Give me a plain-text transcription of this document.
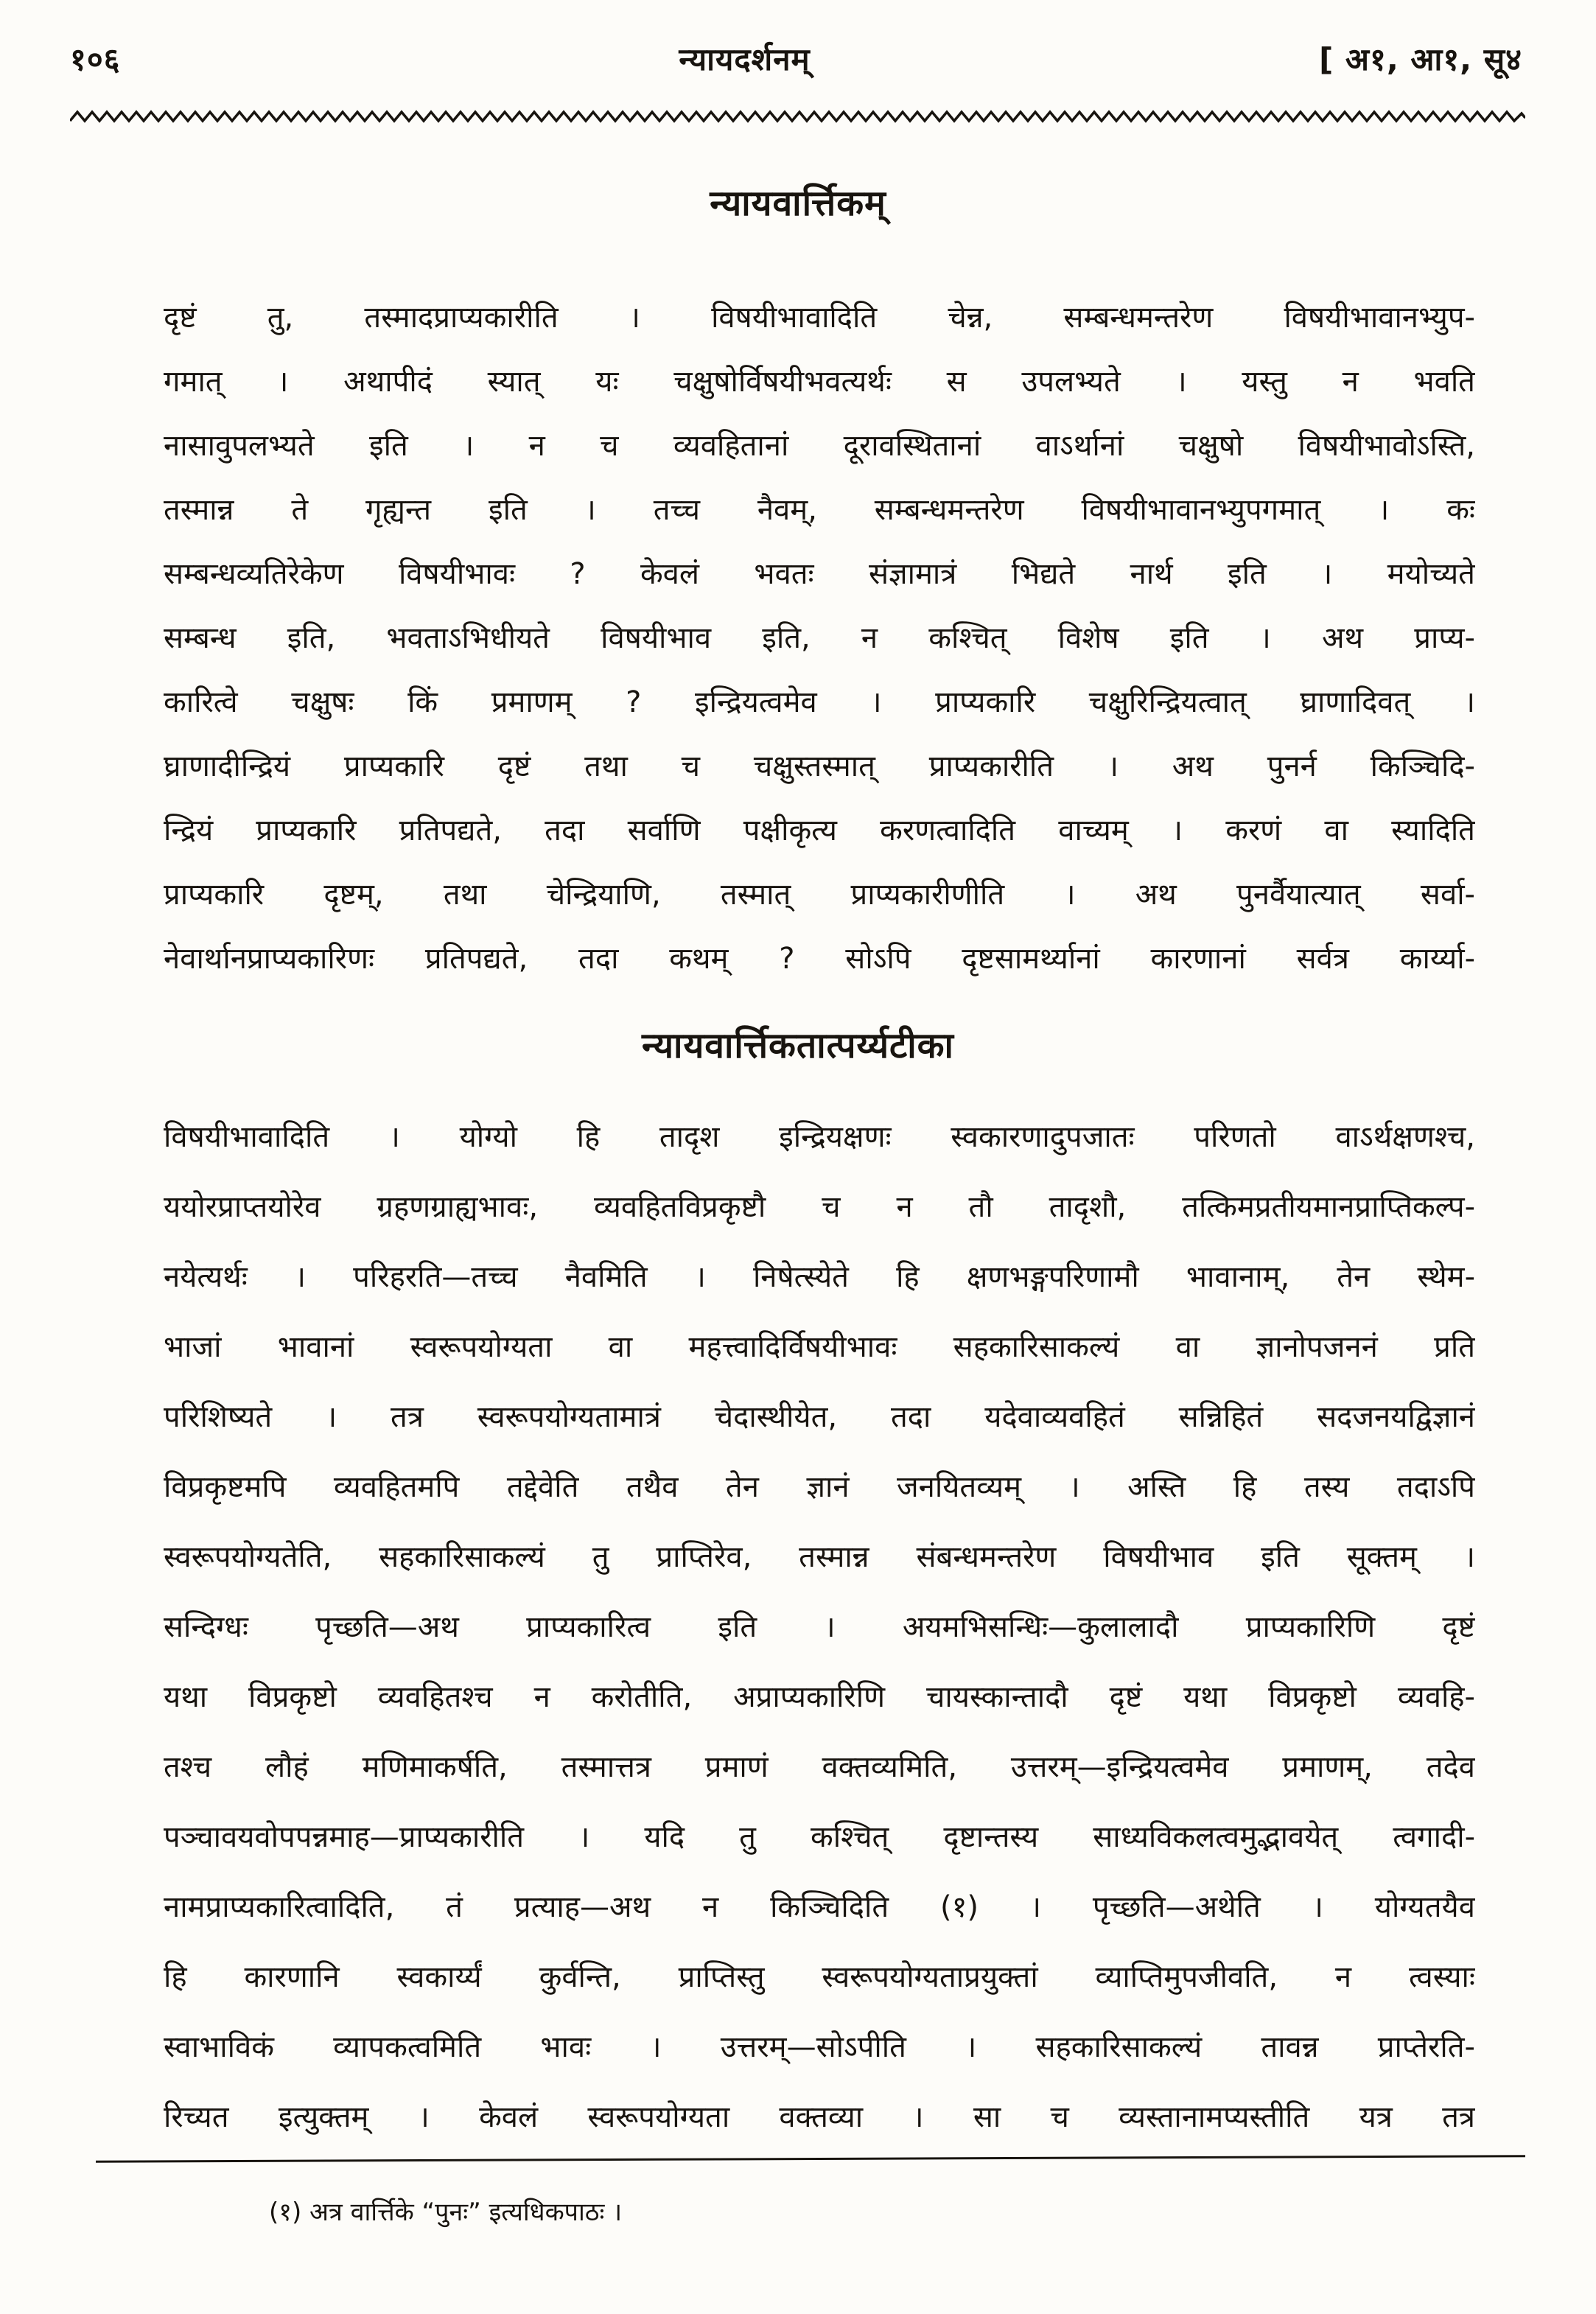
१०६	न्यायदर्शनम्	[ अ१, आ१, सू४
न्यायवार्त्तिकम्
दृष्टं तु, तस्मादप्राप्यकारीति । विषयीभावादिति चेन्न, सम्बन्धमन्तरेण विषयीभावानभ्युप-
गमात् । अथापीदं स्यात् यः चक्षुषोर्विषयीभवत्यर्थः स उपलभ्यते । यस्तु न भवति
नासावुपलभ्यते इति । न च व्यवहितानां दूरावस्थितानां वाऽर्थानां चक्षुषो विषयीभावोऽस्ति,
तस्मान्न ते गृह्यन्त इति । तच्च नैवम्, सम्बन्धमन्तरेण विषयीभावानभ्युपगमात् । कः
सम्बन्धव्यतिरेकेण विषयीभावः ? केवलं भवतः संज्ञामात्रं भिद्यते नार्थ इति । मयोच्यते
सम्बन्ध इति, भवताऽभिधीयते विषयीभाव इति, न कश्चित् विशेष इति । अथ प्राप्य-
कारित्वे चक्षुषः किं प्रमाणम् ? इन्द्रियत्वमेव । प्राप्यकारि चक्षुरिन्द्रियत्वात् घ्राणादिवत् ।
घ्राणादीन्द्रियं प्राप्यकारि दृष्टं तथा च चक्षुस्तस्मात् प्राप्यकारीति । अथ पुनर्न किञ्चिदि-
न्द्रियं प्राप्यकारि प्रतिपद्यते, तदा सर्वाणि पक्षीकृत्य करणत्वादिति वाच्यम् । करणं वा स्यादिति
प्राप्यकारि दृष्टम्, तथा चेन्द्रियाणि, तस्मात् प्राप्यकारीणीति । अथ पुनर्वैयात्यात् सर्वा-
नेवार्थानप्राप्यकारिणः प्रतिपद्यते, तदा कथम् ? सोऽपि दृष्टसामर्थ्यानां कारणानां सर्वत्र कार्य्या-
न्यायवार्त्तिकतात्पर्य्यटीका
विषयीभावादिति । योग्यो हि तादृश इन्द्रियक्षणः स्वकारणादुपजातः परिणतो वाऽर्थक्षणश्च,
ययोरप्राप्तयोरेव ग्रहणग्राह्यभावः, व्यवहितविप्रकृष्टौ च न तौ तादृशौ, तत्किमप्रतीयमानप्राप्तिकल्प-
नयेत्यर्थः । परिहरति—तच्च नैवमिति । निषेत्स्येते हि क्षणभङ्गपरिणामौ भावानाम्, तेन स्थेम-
भाजां भावानां स्वरूपयोग्यता वा महत्त्वादिर्विषयीभावः सहकारिसाकल्यं वा ज्ञानोपजननं प्रति
परिशिष्यते । तत्र स्वरूपयोग्यतामात्रं चेदास्थीयेत, तदा यदेवाव्यवहितं सन्निहितं सदजनयद्विज्ञानं
विप्रकृष्टमपि व्यवहितमपि तद्देवेति तथैव तेन ज्ञानं जनयितव्यम् । अस्ति हि तस्य तदाऽपि
स्वरूपयोग्यतेति, सहकारिसाकल्यं तु प्राप्तिरेव, तस्मान्न संबन्धमन्तरेण विषयीभाव इति सूक्तम् ।
सन्दिग्धः पृच्छति—अथ प्राप्यकारित्व इति । अयमभिसन्धिः—कुलालादौ प्राप्यकारिणि दृष्टं
यथा विप्रकृष्टो व्यवहितश्च न करोतीति, अप्राप्यकारिणि चायस्कान्तादौ दृष्टं यथा विप्रकृष्टो व्यवहि-
तश्च लौहं मणिमाकर्षति, तस्मात्तत्र प्रमाणं वक्तव्यमिति, उत्तरम्—इन्द्रियत्वमेव प्रमाणम्, तदेव
पञ्चावयवोपपन्नमाह—प्राप्यकारीति । यदि तु कश्चित् दृष्टान्तस्य साध्यविकलत्वमुद्भावयेत् त्वगादी-
नामप्राप्यकारित्वादिति, तं प्रत्याह—अथ न किञ्चिदिति (१) । पृच्छति—अथेति । योग्यतयैव
हि कारणानि स्वकार्य्यं कुर्वन्ति, प्राप्तिस्तु स्वरूपयोग्यताप्रयुक्तां व्याप्तिमुपजीवति, न त्वस्याः
स्वाभाविकं व्यापकत्वमिति भावः । उत्तरम्—सोऽपीति । सहकारिसाकल्यं तावन्न प्राप्तेरति-
रिच्यत इत्युक्तम् । केवलं स्वरूपयोग्यता वक्तव्या । सा च व्यस्तानामप्यस्तीति यत्र तत्र
(१) अत्र वार्त्तिके “पुनः” इत्यधिकपाठः ।
